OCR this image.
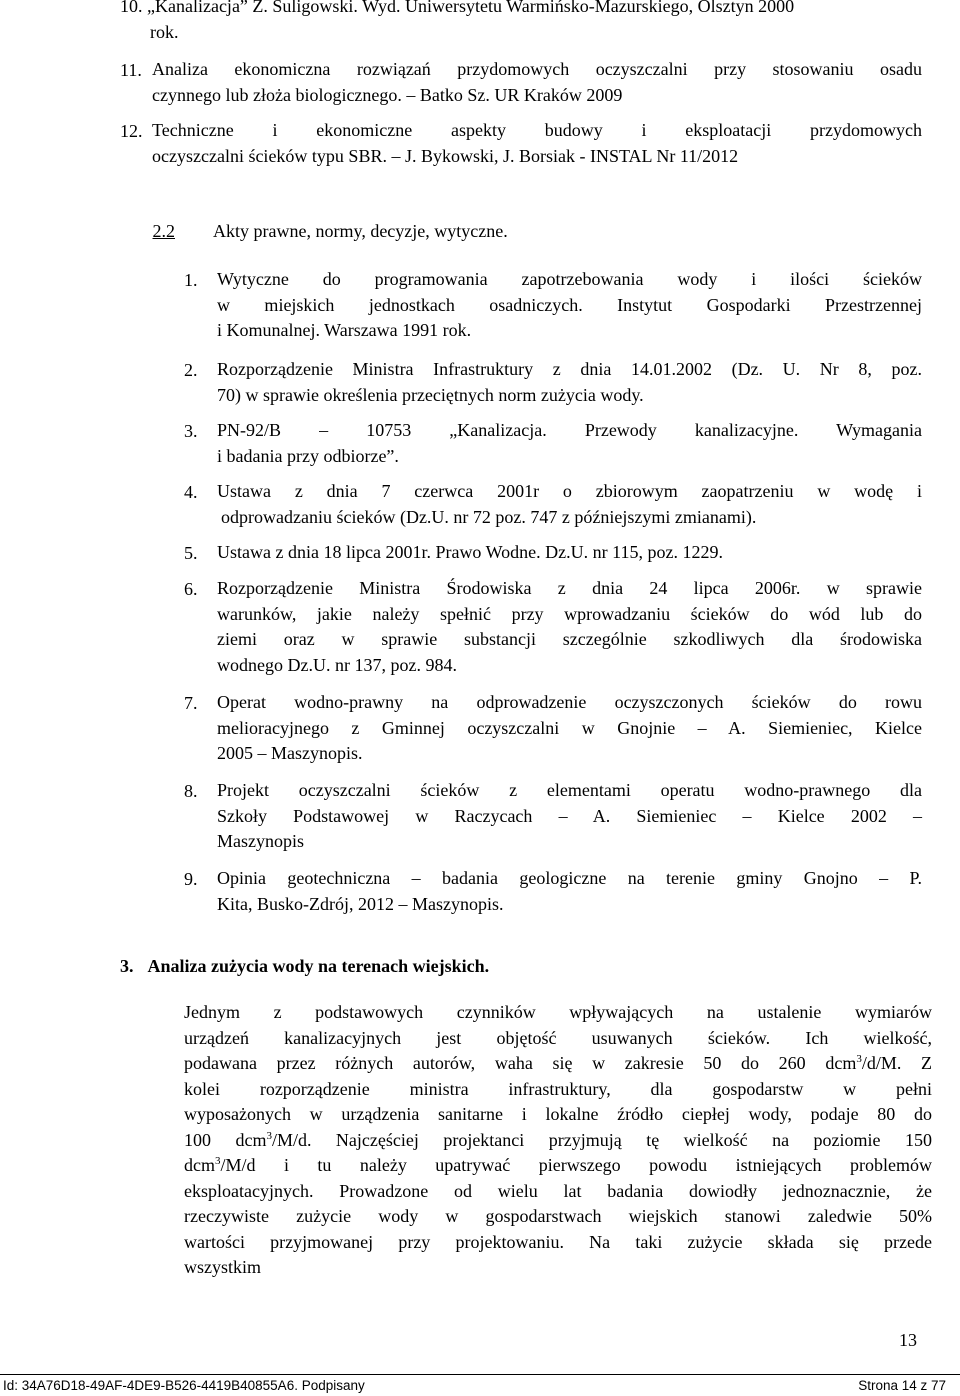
10. „Kanalizacja” Z. Suligowski. Wyd. Uniwersytetu Warmińsko-Mazurskiego, Olsztyn 2000
rok.
11. Analiza ekonomiczna rozwiązań przydomowych oczyszczalni przy stosowaniu osadu
czynnego lub złoża biologicznego. – Batko Sz. UR Kraków 2009
12. Techniczne i ekonomiczne aspekty budowy i eksploatacji przydomowych
oczyszczalni ścieków typu SBR. – J. Bykowski, J. Borsiak - INSTAL Nr 11/2012
2.2 Akty prawne, normy, decyzje, wytyczne.
1. Wytyczne do programowania zapotrzebowania wody i ilości ścieków
w miejskich jednostkach osadniczych. Instytut Gospodarki Przestrzennej
i Komunalnej. Warszawa 1991 rok.
2. Rozporządzenie Ministra Infrastruktury z dnia 14.01.2002 (Dz. U. Nr 8, poz.
70) w sprawie określenia przeciętnych norm zużycia wody.
3. PN-92/B – 10753 „Kanalizacja. Przewody kanalizacyjne. Wymagania
i badania przy odbiorze”.
4. Ustawa z dnia 7 czerwca 2001r o zbiorowym zaopatrzeniu w wodę i
odprowadzaniu ścieków (Dz.U. nr 72 poz. 747 z późniejszymi zmianami).
5. Ustawa z dnia 18 lipca 2001r. Prawo Wodne. Dz.U. nr 115, poz. 1229.
6. Rozporządzenie Ministra Środowiska z dnia 24 lipca 2006r. w sprawie
warunków, jakie należy spełnić przy wprowadzaniu ścieków do wód lub do
ziemi oraz w sprawie substancji szczególnie szkodliwych dla środowiska
wodnego Dz.U. nr 137, poz. 984.
7. Operat wodno-prawny na odprowadzenie oczyszczonych ścieków do rowu
melioracyjnego z Gminnej oczyszczalni w Gnojnie – A. Siemieniec, Kielce
2005 – Maszynopis.
8. Projekt oczyszczalni ścieków z elementami operatu wodno-prawnego dla
Szkoły Podstawowej w Raczycach – A. Siemieniec – Kielce 2002 –
Maszynopis
9. Opinia geotechniczna – badania geologiczne na terenie gminy Gnojno – P.
Kita, Busko-Zdrój, 2012 – Maszynopis.
3. Analiza zużycia wody na terenach wiejskich.
Jednym z podstawowych czynników wpływających na ustalenie wymiarów
urządzeń kanalizacyjnych jest objętość usuwanych ścieków. Ich wielkość,
podawana przez różnych autorów, waha się w zakresie 50 do 260 dcm$^3$/d/M. Z
kolei rozporządzenie ministra infrastruktury, dla gospodarstw w pełni
wyposażonych w urządzenia sanitarne i lokalne źródło ciepłej wody, podaje 80 do
100 dcm$^3$/M/d. Najczęściej projektanci przyjmują tę wielkość na poziomie 150
dcm$^3$/M/d i tu należy upatrywać pierwszego powodu istniejących problemów
eksploatacyjnych. Prowadzone od wielu lat badania dowiodły jednoznacznie, że
rzeczywiste zużycie wody w gospodarstwach wiejskich stanowi zaledwie 50%
wartości przyjmowanej przy projektowaniu. Na taki zużycie składa się przede
wszystkim
13
Id: 34A76D18-49AF-4DE9-B526-4419B40855A6. Podpisany	Strona 14 z 77
